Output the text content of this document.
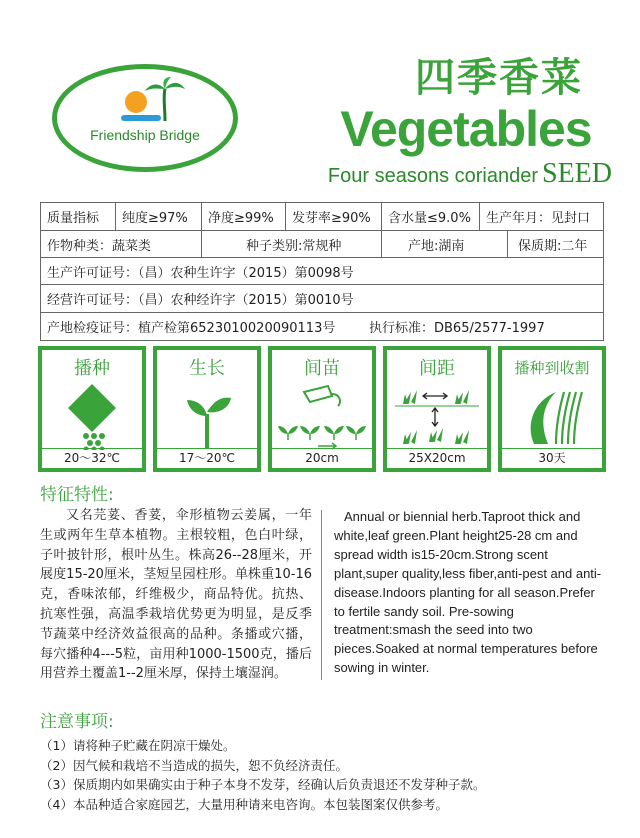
Friendship Bridge
四季香菜
Vegetables
Four seasons coriander SEED
质量指标	纯度≥97%	净度≥99%	发芽率≥90%	含水量≤9.0%	生产年月：见封口
作物种类：蔬菜类	种子类别:常规种	产地:湖南	保质期:二年
生产许可证号：（昌）农种生许字（2015）第0098号
经营许可证号：（昌）农种经许字（2015）第0010号
产地检疫证号：植产检第6523010020090113号	执行标准：DB65/2577-1997
播种
20～32℃
生长
17～20℃
间苗
20cm
间距
25X20cm
播种到收割
30天
特征特性:
又名芫荽、香荽，伞形植物云姜属，一年生或两年生草本植物。主根较粗，色白叶绿，子叶披针形，根叶丛生。株高26--28厘米，开展度15-20厘米，茎短呈园柱形。单株重10-16克，香味浓郁，纤维极少，商品特优。抗热、抗寒性强，高温季栽培优势更为明显，是反季节蔬菜中经济效益很高的品种。条播或穴播，每穴播种4---5粒，亩用种1000-1500克，播后用营养土覆盖1--2厘米厚，保持土壤湿润。
Annual or biennial herb.Taproot thick and white,leaf green.Plant height25-28 cm and spread width is15-20cm.Strong scent plant,super quality,less fiber,anti-pest and anti-disease.Indoors planting for all season.Prefer to fertile sandy soil. Pre-sowing treatment:smash the seed into two pieces.Soaked at normal temperatures before sowing in winter.
注意事项:
（1）请将种子贮藏在阴凉干燥处。
（2）因气候和栽培不当造成的损失，恕不负经济责任。
（3）保质期内如果确实由于种子本身不发芽，经确认后负责退还不发芽种子款。
（4）本品种适合家庭园艺，大量用种请来电咨询。本包装图案仅供参考。
